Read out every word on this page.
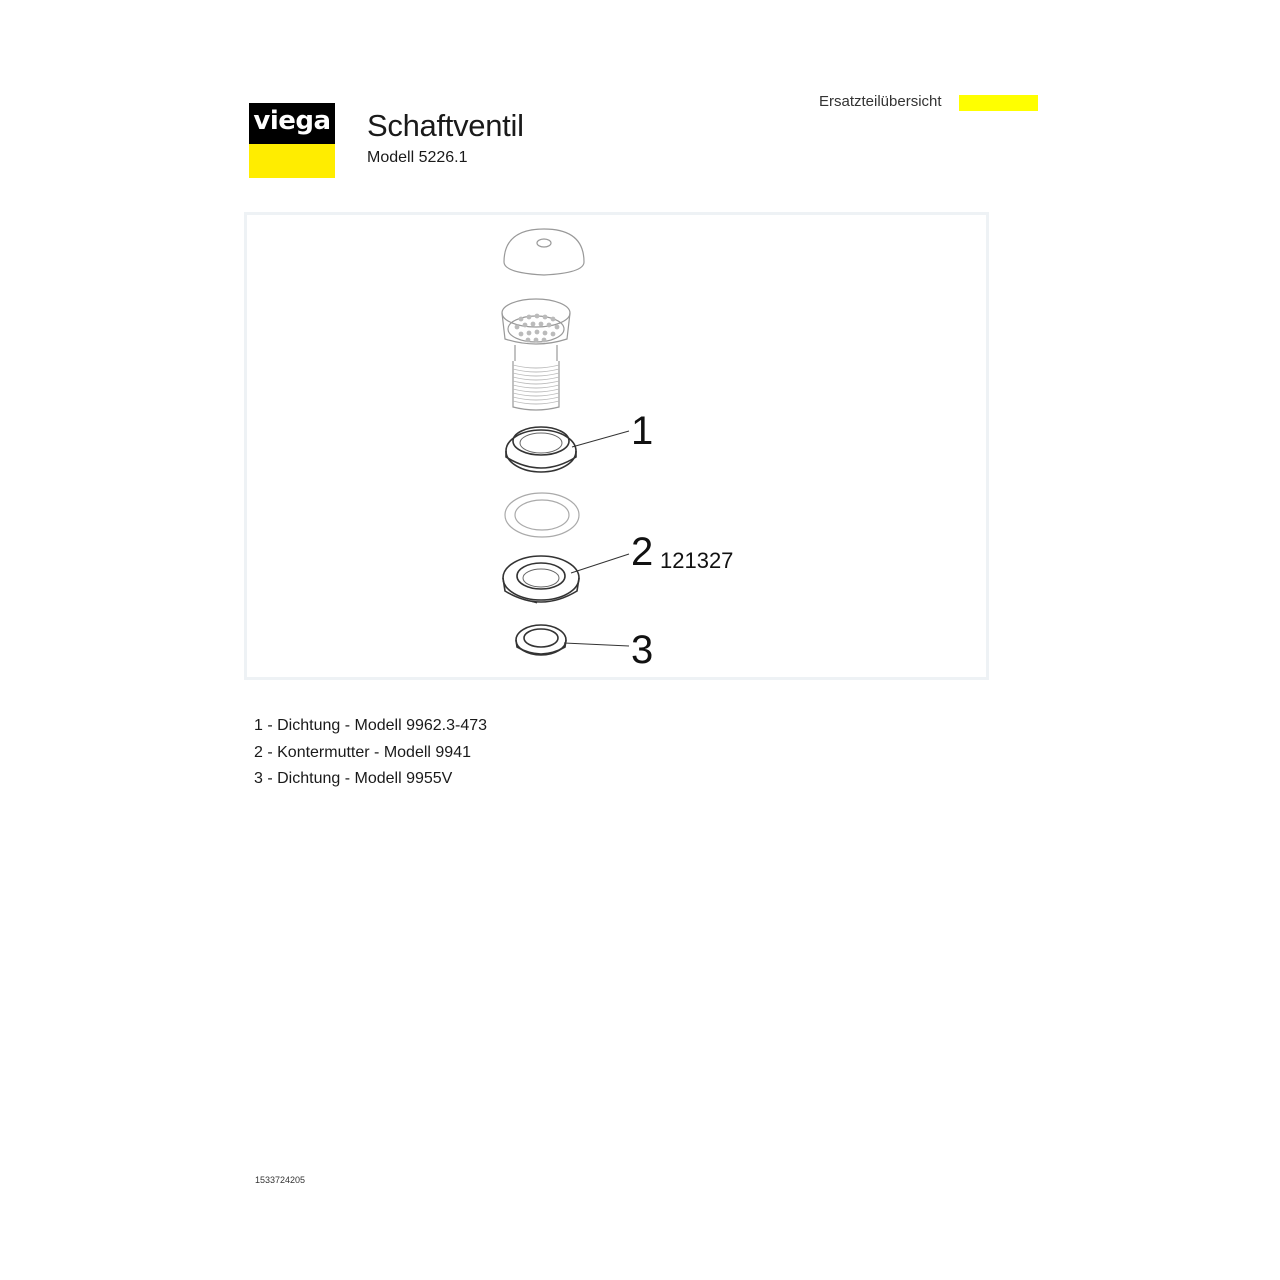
viega Schaftventil
Modell 5226.1
Ersatzteilübersicht
1
2 121327
3
1 - Dichtung - Modell 9962.3-473
2 - Kontermutter - Modell 9941
3 - Dichtung - Modell 9955V
1533724205
